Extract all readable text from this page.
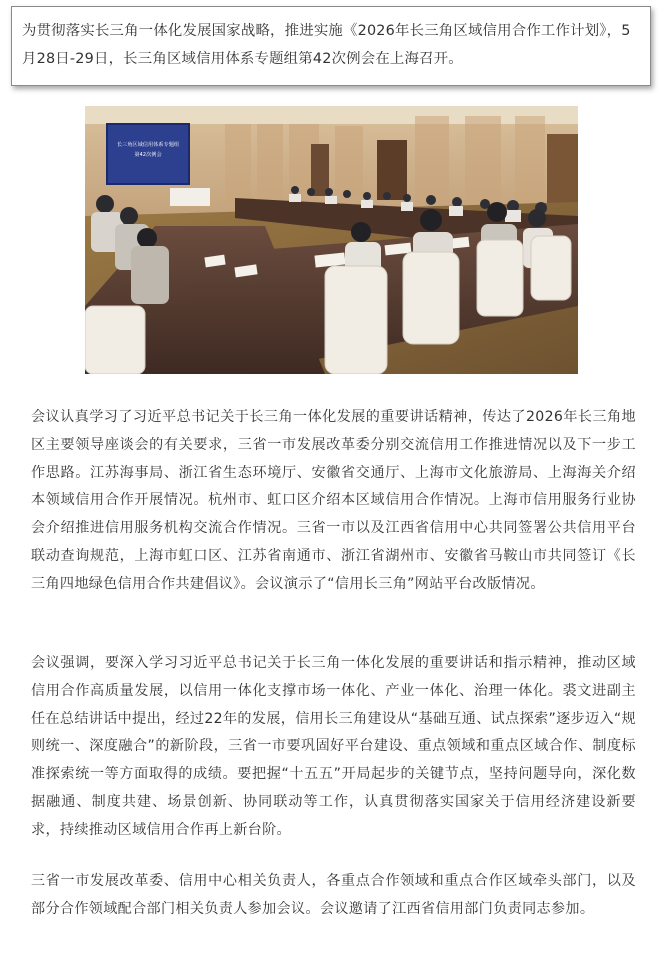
为贯彻落实长三角一体化发展国家战略，推进实施《2026年长三角区域信用合作工作计划》，5月28日-29日，长三角区域信用体系专题组第42次例会在上海召开。
长三角区域信用体系专题组
第42次例会

会议认真学习了习近平总书记关于长三角一体化发展的重要讲话精神，传达了2026年长三角地区主要领导座谈会的有关要求，三省一市发展改革委分别交流信用工作推进情况以及下一步工作思路。江苏海事局、浙江省生态环境厅、安徽省交通厅、上海市文化旅游局、上海海关介绍本领域信用合作开展情况。杭州市、虹口区介绍本区域信用合作情况。上海市信用服务行业协会介绍推进信用服务机构交流合作情况。三省一市以及江西省信用中心共同签署公共信用平台联动查询规范，上海市虹口区、江苏省南通市、浙江省湖州市、安徽省马鞍山市共同签订《长三角四地绿色信用合作共建倡议》。会议演示了“信用长三角”网站平台改版情况。

会议强调，要深入学习习近平总书记关于长三角一体化发展的重要讲话和指示精神，推动区域信用合作高质量发展，以信用一体化支撑市场一体化、产业一体化、治理一体化。裘文进副主任在总结讲话中提出，经过22年的发展，信用长三角建设从“基础互通、试点探索”逐步迈入“规则统一、深度融合”的新阶段，三省一市要巩固好平台建设、重点领域和重点区域合作、制度标准探索统一等方面取得的成绩。要把握“十五五”开局起步的关键节点，坚持问题导向，深化数据融通、制度共建、场景创新、协同联动等工作，认真贯彻落实国家关于信用经济建设新要求，持续推动区域信用合作再上新台阶。

三省一市发展改革委、信用中心相关负责人，各重点合作领域和重点合作区域牵头部门，以及部分合作领域配合部门相关负责人参加会议。会议邀请了江西省信用部门负责同志参加。
